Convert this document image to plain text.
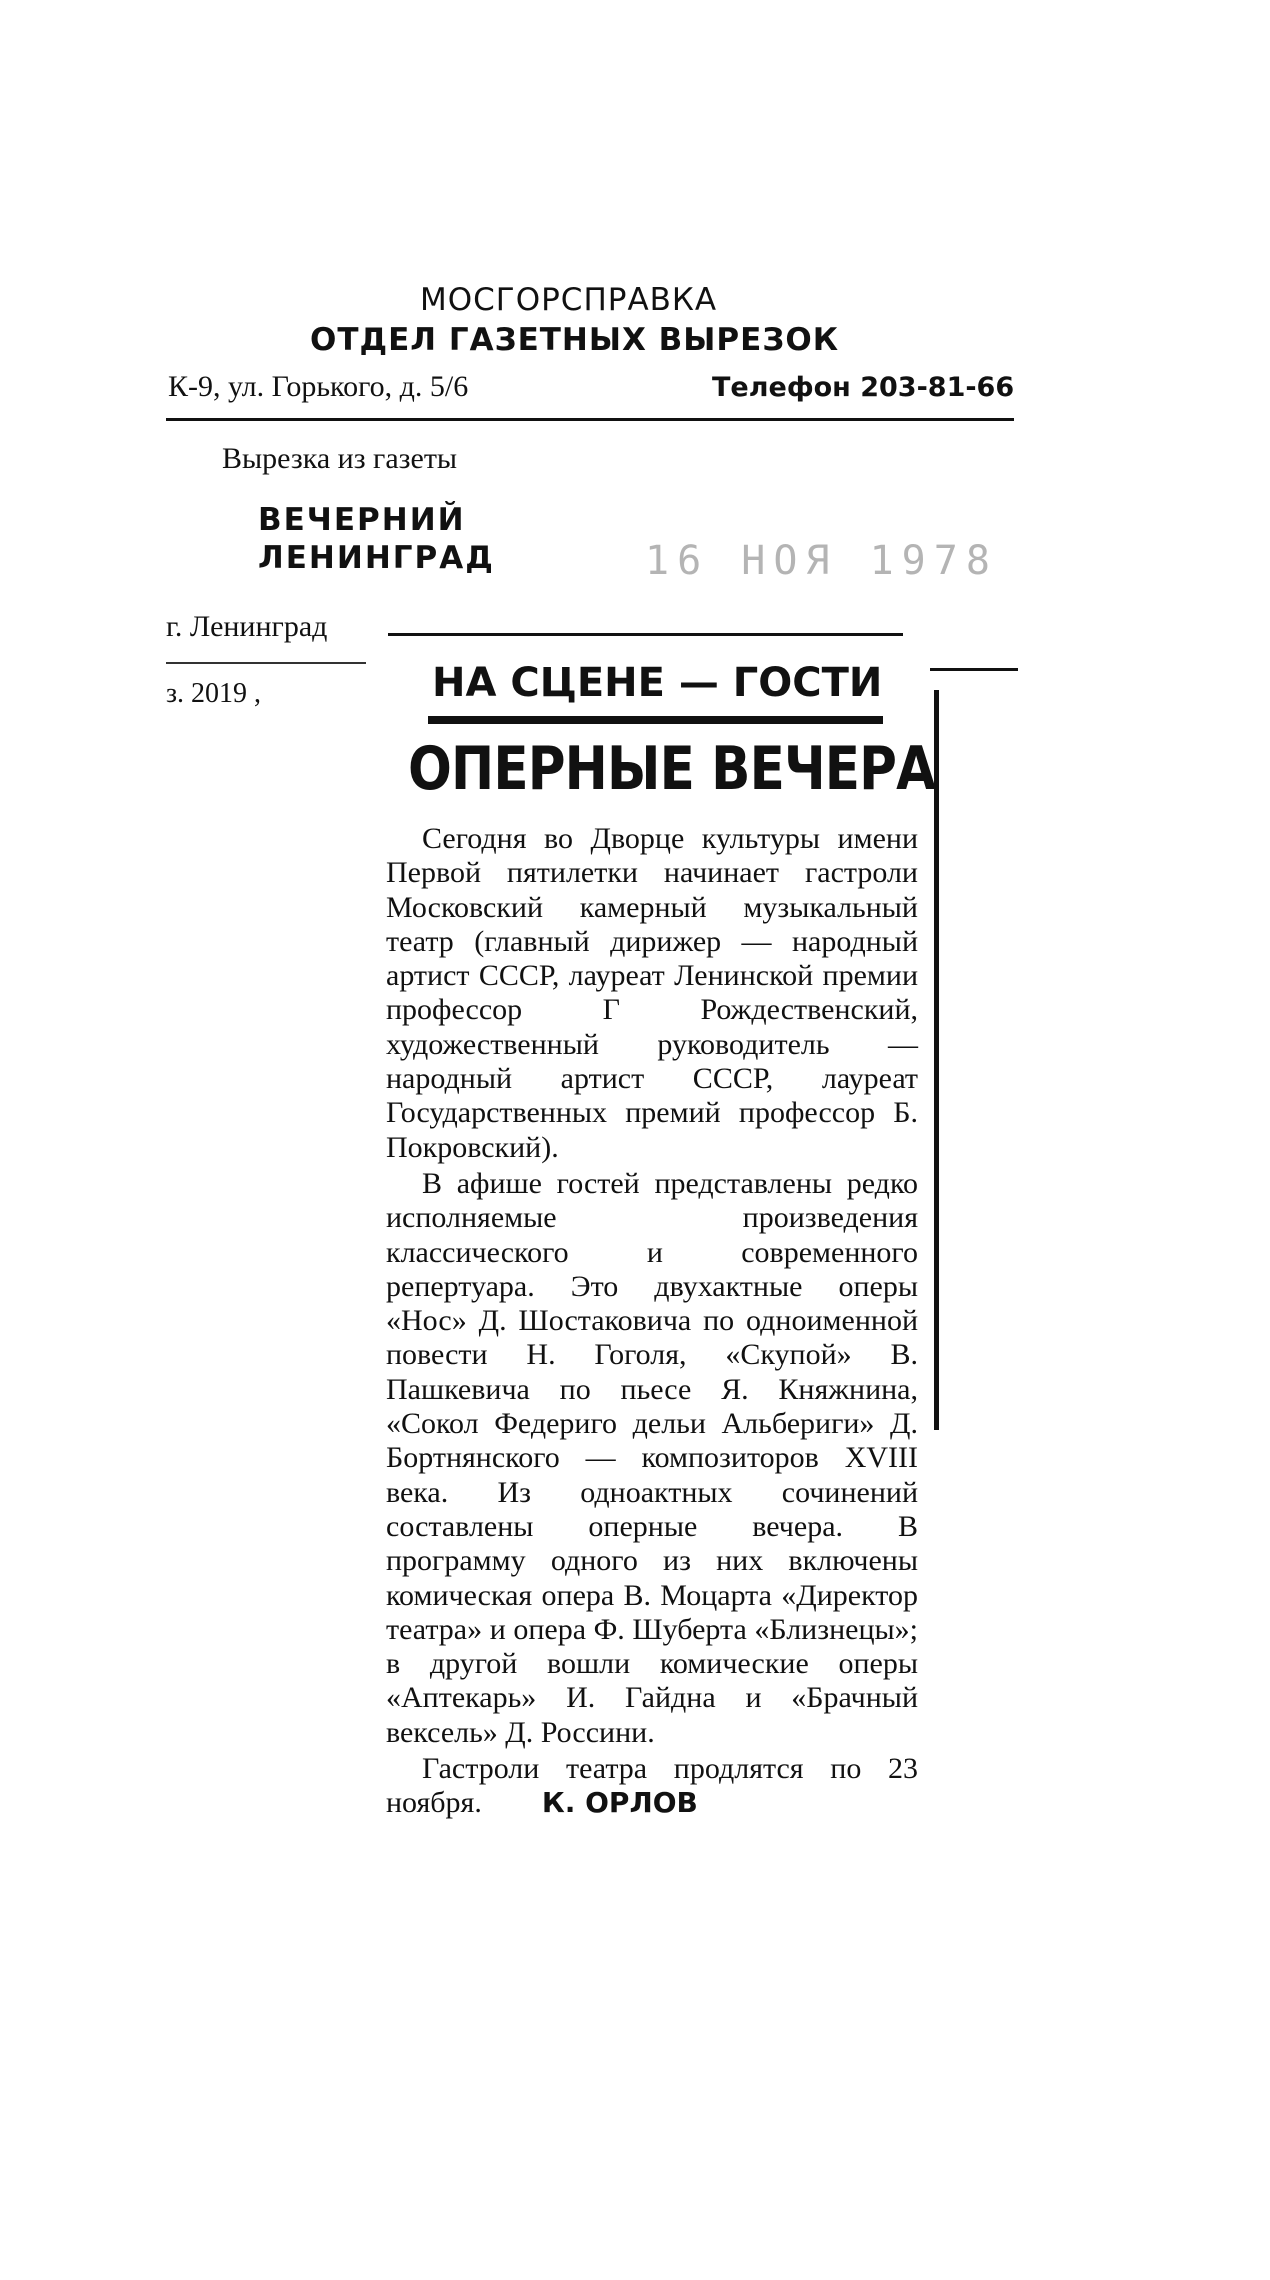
МОСГОРСПРАВКА
ОТДЕЛ ГАЗЕТНЫХ ВЫРЕЗОК
К-9, ул. Горького, д. 5/6	Телефон 203-81-66
Вырезка из газеты
ВЕЧЕРНИЙ
ЛЕНИНГРАД	16 НОЯ 1978
г. Ленинград
з. 2019 ,	НА СЦЕНЕ — ГОСТИ
ОПЕРНЫЕ ВЕЧЕРА

Сегодня во Дворце культуры имени Первой пятилетки начинает гастроли Московский камерный музыкальный театр (главный дирижер — народный артист СССР, лауреат Ленинской премии профессор Г Рождественский, художественный руководитель — народный артист СССР, лауреат Государственных премий профессор Б. Покровский).

В афише гостей представлены редко исполняемые произведения классического и современного репертуара. Это двухактные оперы «Нос» Д. Шостаковича по одноименной повести Н. Гоголя, «Скупой» В. Пашкевича по пьесе Я. Княжнина, «Сокол Федериго дельи Альбериги» Д. Бортнянского — композиторов XVIII века. Из одноактных сочинений составлены оперные вечера. В программу одного из них включены комическая опера В. Моцарта «Директор театра» и опера Ф. Шуберта «Близнецы»; в другой вошли комические оперы «Аптекарь» И. Гайдна и «Брачный вексель» Д. Россини.

Гастроли театра продлятся по 23 ноября. К. ОРЛОВ
